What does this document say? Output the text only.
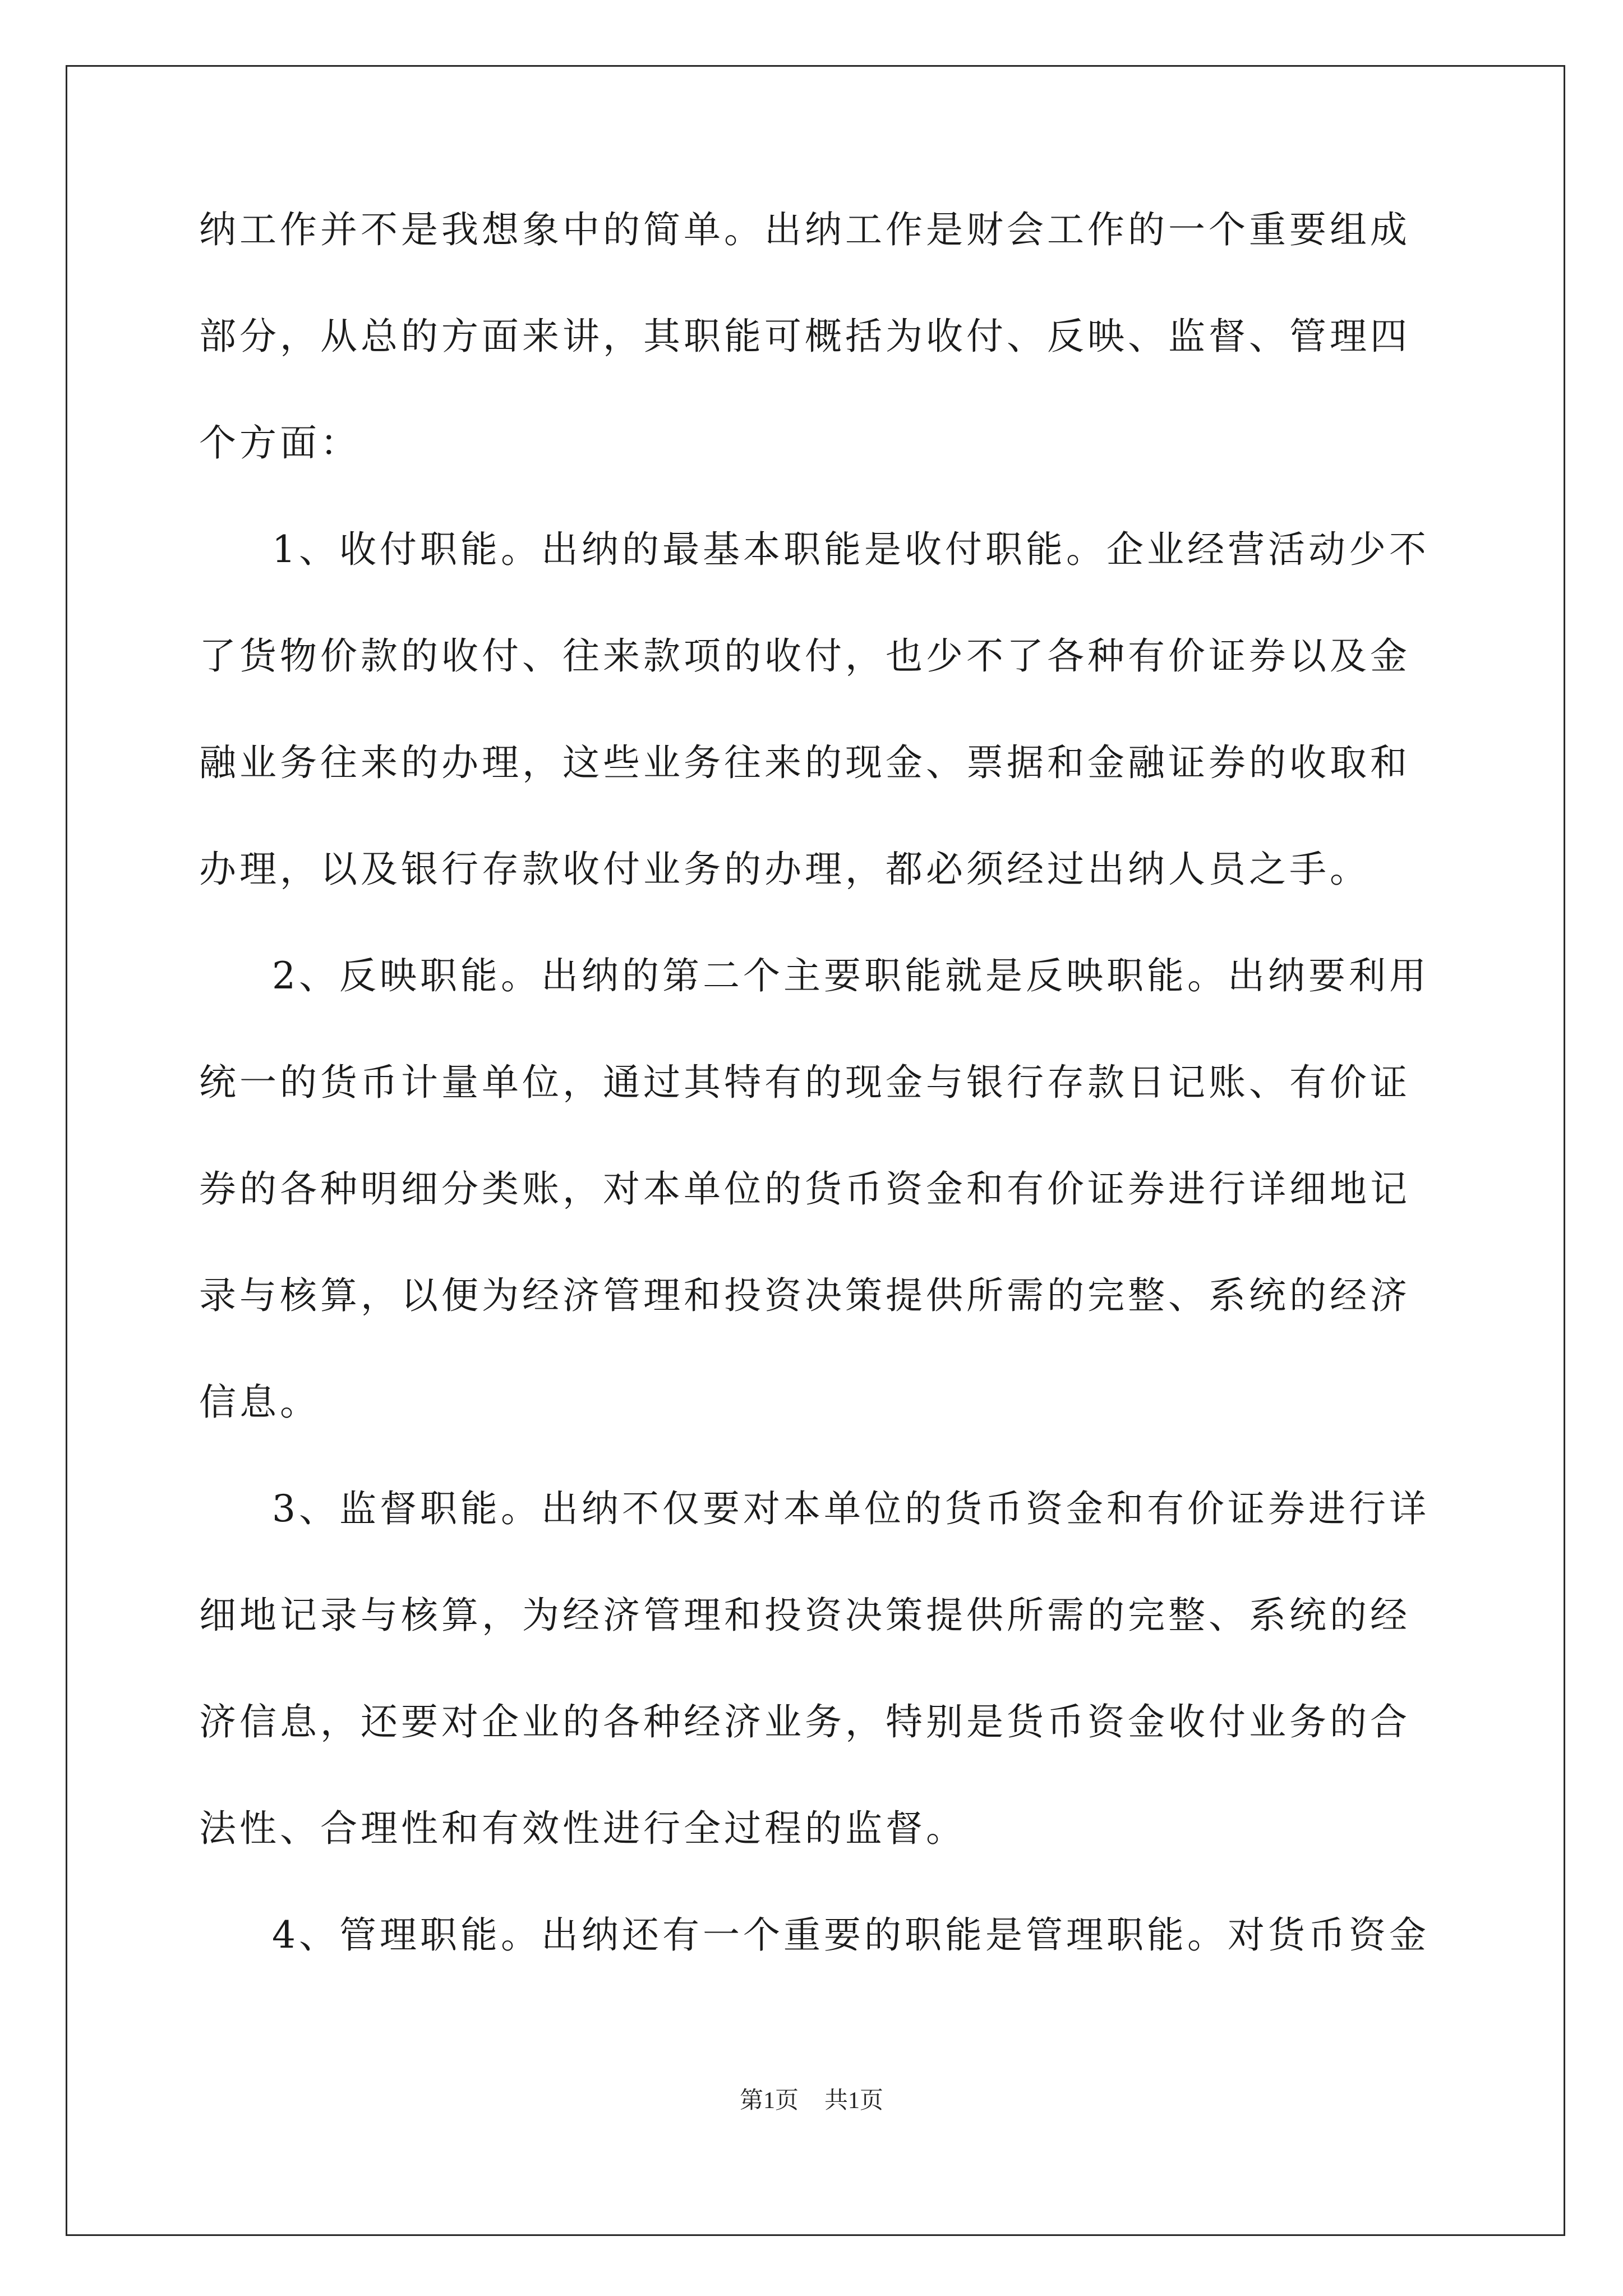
纳工作并不是我想象中的简单。出纳工作是财会工作的一个重要组成
部分，从总的方面来讲，其职能可概括为收付、反映、监督、管理四
个方面：
1、收付职能。出纳的最基本职能是收付职能。企业经营活动少不
了货物价款的收付、往来款项的收付，也少不了各种有价证券以及金
融业务往来的办理，这些业务往来的现金、票据和金融证券的收取和
办理，以及银行存款收付业务的办理，都必须经过出纳人员之手。
2、反映职能。出纳的第二个主要职能就是反映职能。出纳要利用
统一的货币计量单位，通过其特有的现金与银行存款日记账、有价证
券的各种明细分类账，对本单位的货币资金和有价证券进行详细地记
录与核算，以便为经济管理和投资决策提供所需的完整、系统的经济
信息。
3、监督职能。出纳不仅要对本单位的货币资金和有价证券进行详
细地记录与核算，为经济管理和投资决策提供所需的完整、系统的经
济信息，还要对企业的各种经济业务，特别是货币资金收付业务的合
法性、合理性和有效性进行全过程的监督。
4、管理职能。出纳还有一个重要的职能是管理职能。对货币资金
第1页 共1页
